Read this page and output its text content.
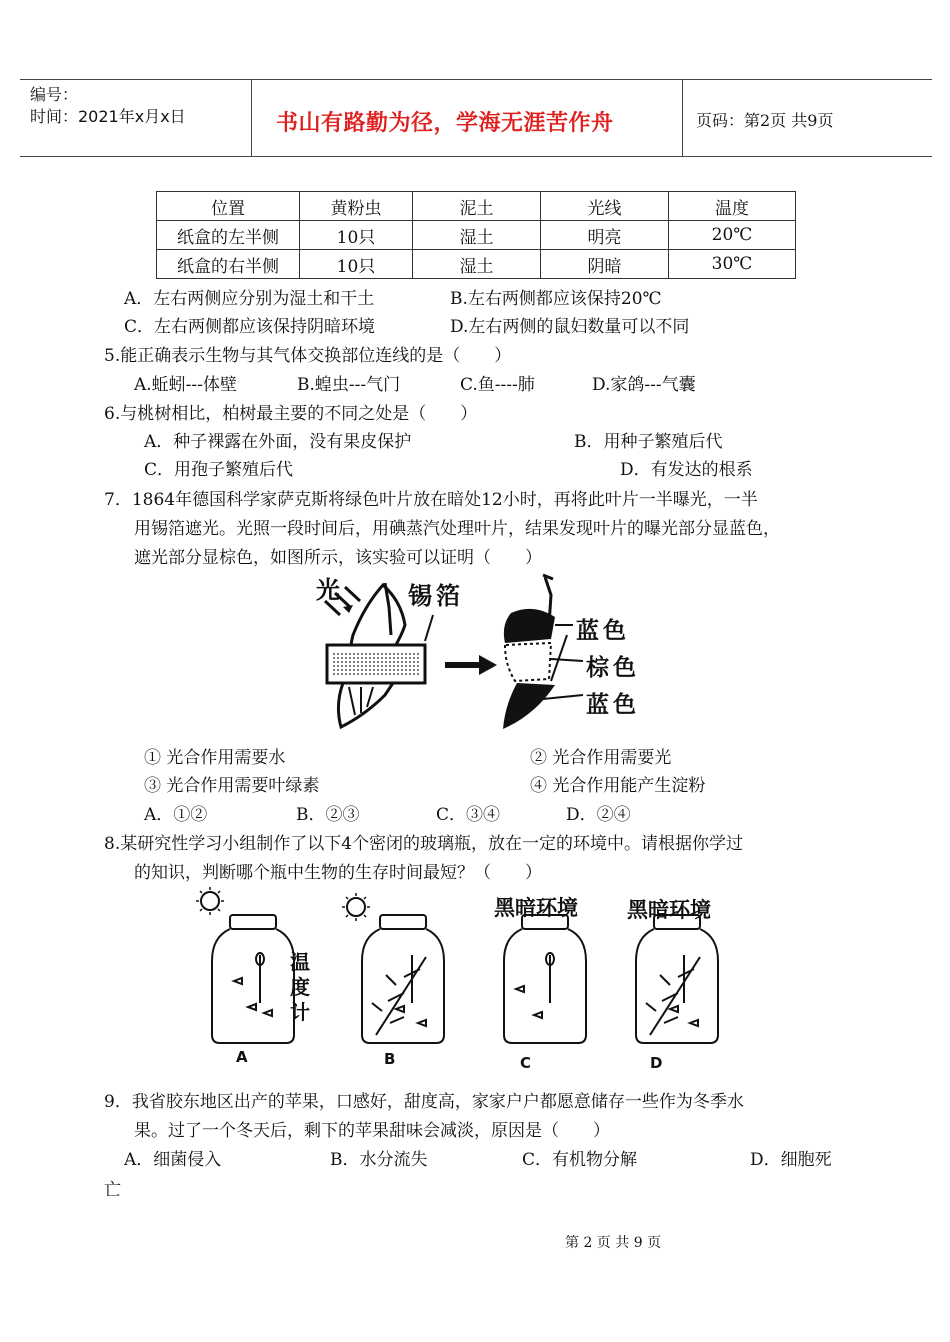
编号：
时间：2021年x月x日	书山有路勤为径，学海无涯苦作舟	页码：第2页 共9页
位置	黄粉虫	泥土	光线	温度
纸盒的左半侧	10只	湿土	明亮	20℃
纸盒的右半侧	10只	湿土	阴暗	30℃
A．左右两侧应分别为湿土和干土	B.左右两侧都应该保持20℃
C．左右两侧都应该保持阴暗环境	D.左右两侧的鼠妇数量可以不同
5.能正确表示生物与其气体交换部位连线的是（　　）
A.蚯蚓---体壁	B.蝗虫---气门	C.鱼----肺	D.家鸽---气囊
6.与桃树相比，柏树最主要的不同之处是（　　）
A．种子裸露在外面，没有果皮保护	B．用种子繁殖后代
C．用孢子繁殖后代	D．有发达的根系
7．1864年德国科学家萨克斯将绿色叶片放在暗处12小时，再将此叶片一半曝光，一半
用锡箔遮光。光照一段时间后，用碘蒸汽处理叶片，结果发现叶片的曝光部分显蓝色，
遮光部分显棕色，如图所示，该实验可以证明（　　）
光	锡箔
蓝色
棕色
蓝色
① 光合作用需要水	② 光合作用需要光
③ 光合作用需要叶绿素	④ 光合作用能产生淀粉
A．①②	B．②③	C．③④	D．②④
8.某研究性学习小组制作了以下4个密闭的玻璃瓶，放在一定的环境中。请根据你学过
的知识，判断哪个瓶中生物的生存时间最短？（　　）
温
度
计
黑暗环境 黑暗环境
A	B	C	D
9．我省胶东地区出产的苹果，口感好，甜度高，家家户户都愿意储存一些作为冬季水
果。过了一个冬天后，剩下的苹果甜味会减淡，原因是（　　）
A．细菌侵入	B．水分流失	C．有机物分解	D．细胞死
亡
第 2 页 共 9 页
